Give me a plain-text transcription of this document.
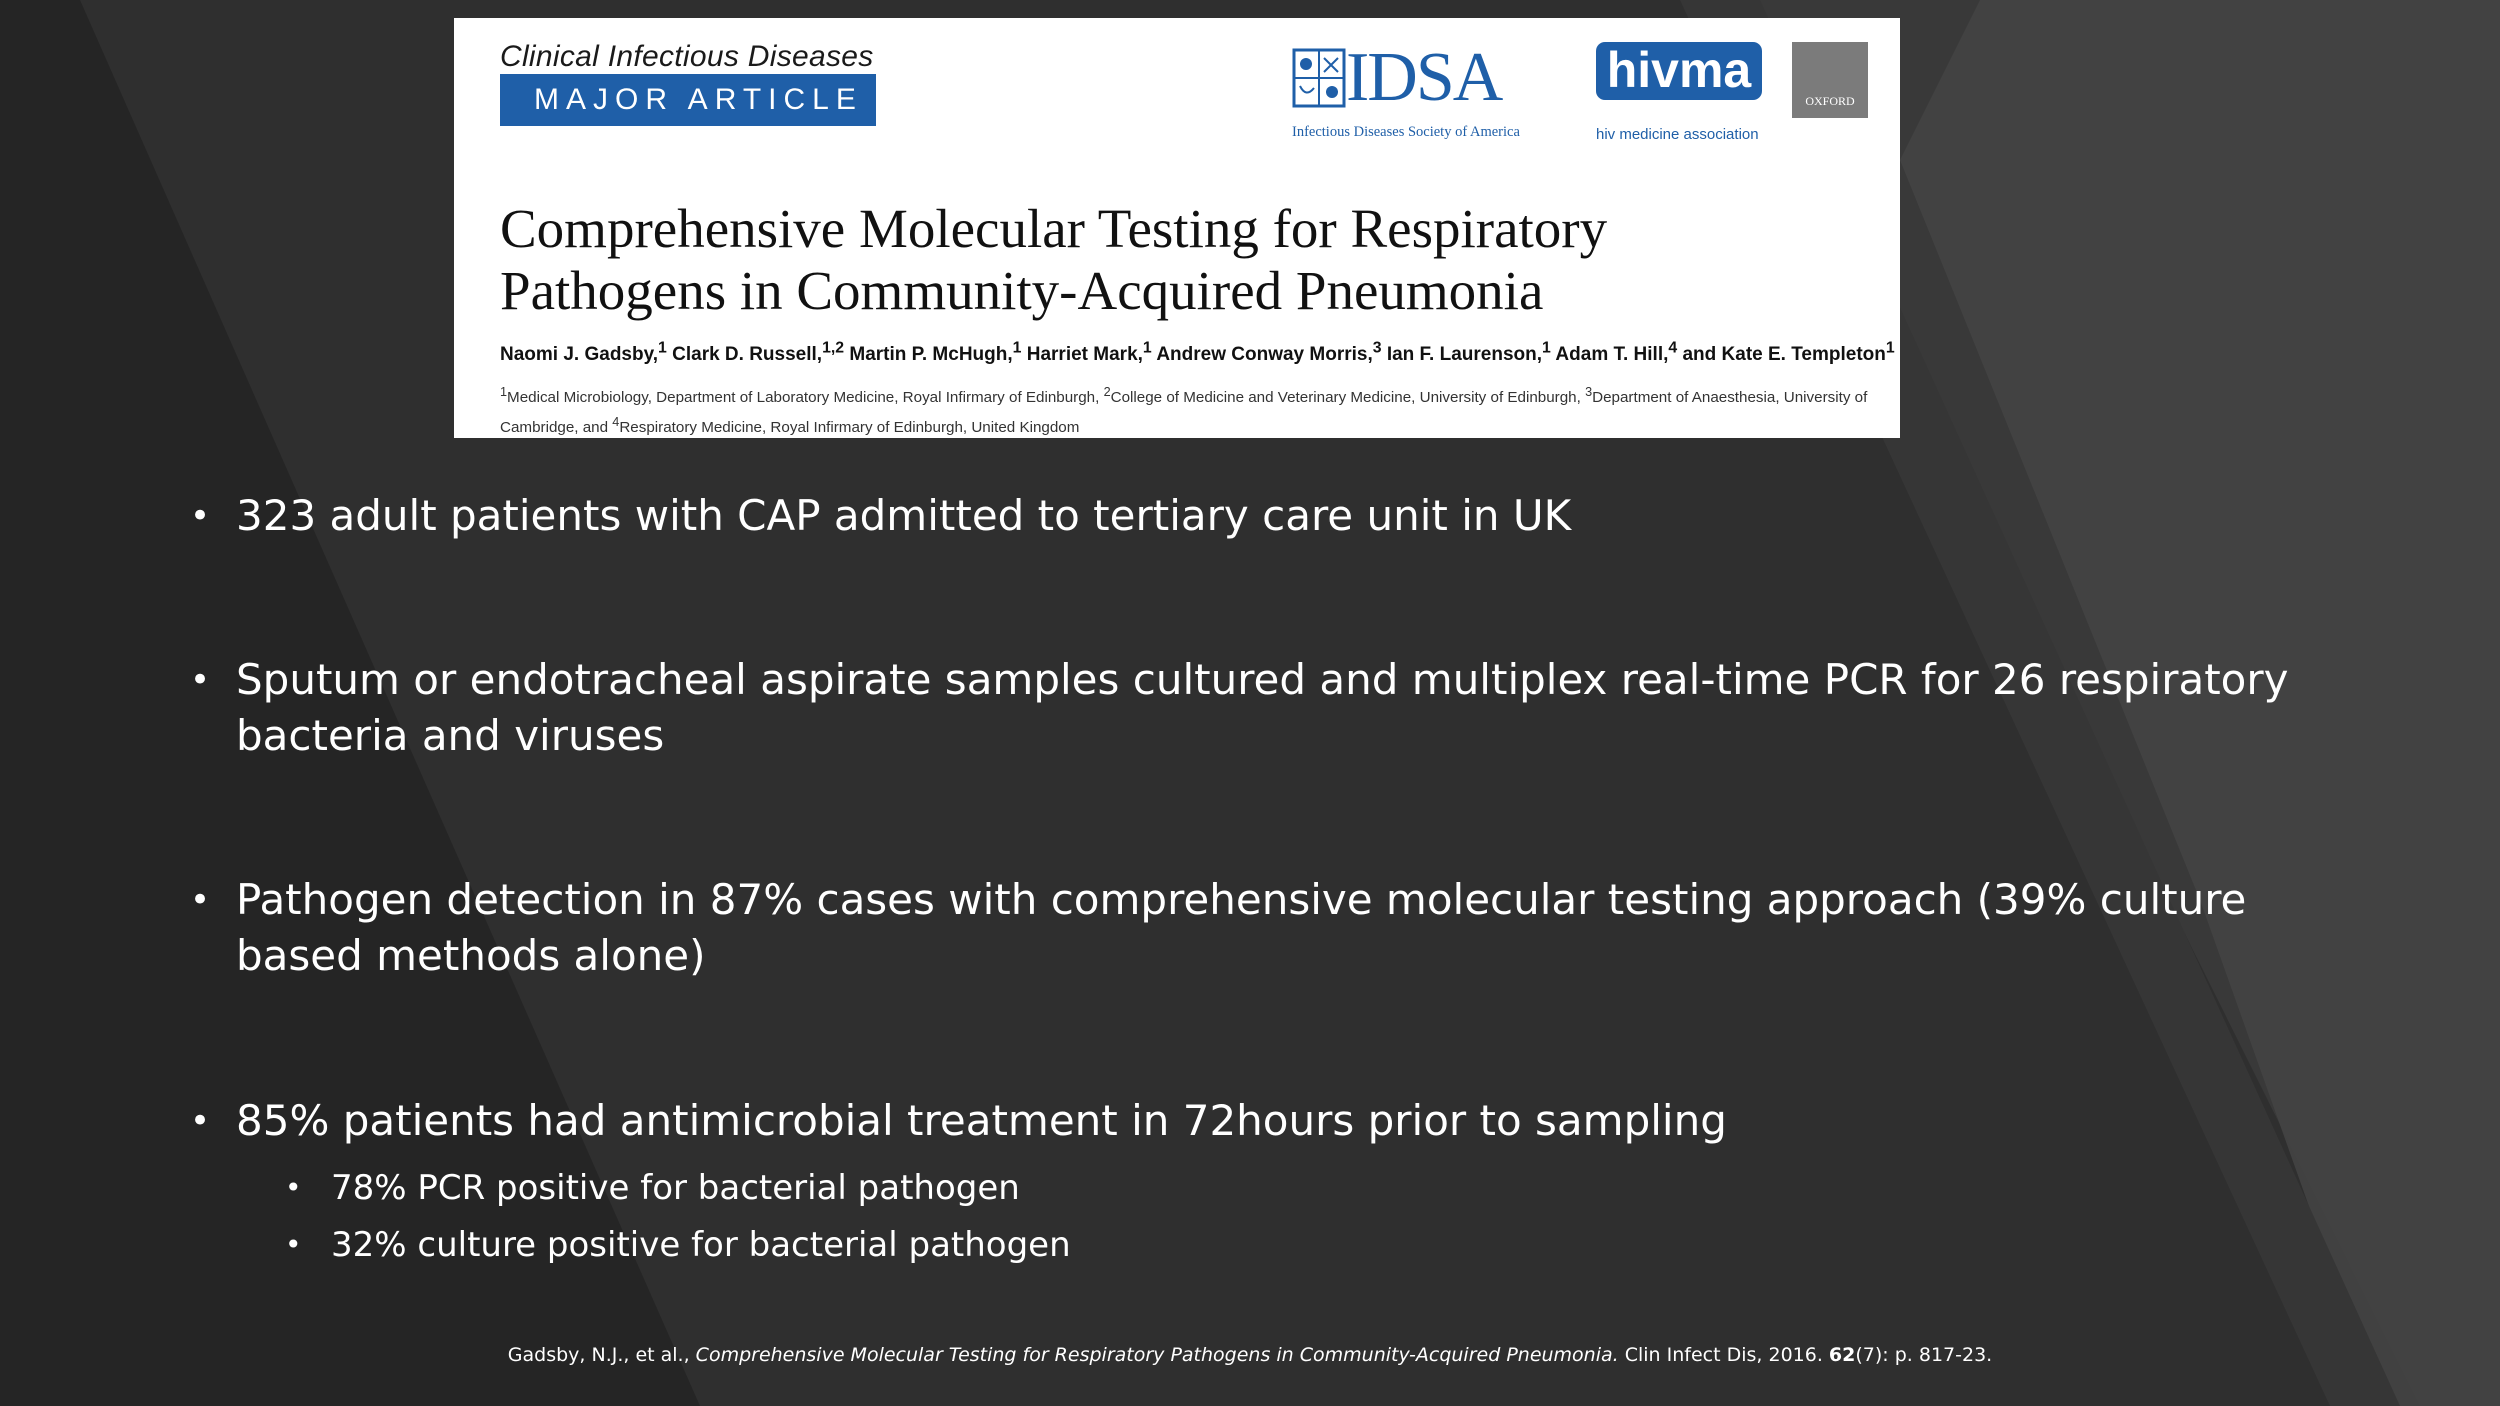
Clinical Infectious Diseases
MAJOR ARTICLE	IDSA
Infectious Diseases Society of America
hivma
hiv medicine association
OXFORD
Comprehensive Molecular Testing for Respiratory
Pathogens in Community-Acquired Pneumonia
Naomi J. Gadsby,$^1$ Clark D. Russell,$^{1,2}$ Martin P. McHugh,$^1$ Harriet Mark,$^1$ Andrew Conway Morris,$^3$ Ian F. Laurenson,$^1$ Adam T. Hill,$^4$ and Kate E. Templeton$^1$
$^1$Medical Microbiology, Department of Laboratory Medicine, Royal Infirmary of Edinburgh, $^2$College of Medicine and Veterinary Medicine, University of Edinburgh, $^3$Department of Anaesthesia, University of Cambridge, and $^4$Respiratory Medicine, Royal Infirmary of Edinburgh, United Kingdom
• 323 adult patients with CAP admitted to tertiary care unit in UK
• Sputum or endotracheal aspirate samples cultured and multiplex real-time PCR for 26 respiratory
bacteria and viruses
• Pathogen detection in 87% cases with comprehensive molecular testing approach (39% culture
based methods alone)
• 85% patients had antimicrobial treatment in 72hours prior to sampling
• 78% PCR positive for bacterial pathogen
• 32% culture positive for bacterial pathogen
Gadsby, N.J., et al., Comprehensive Molecular Testing for Respiratory Pathogens in Community-Acquired Pneumonia. Clin Infect Dis, 2016. 62(7): p. 817-23.
